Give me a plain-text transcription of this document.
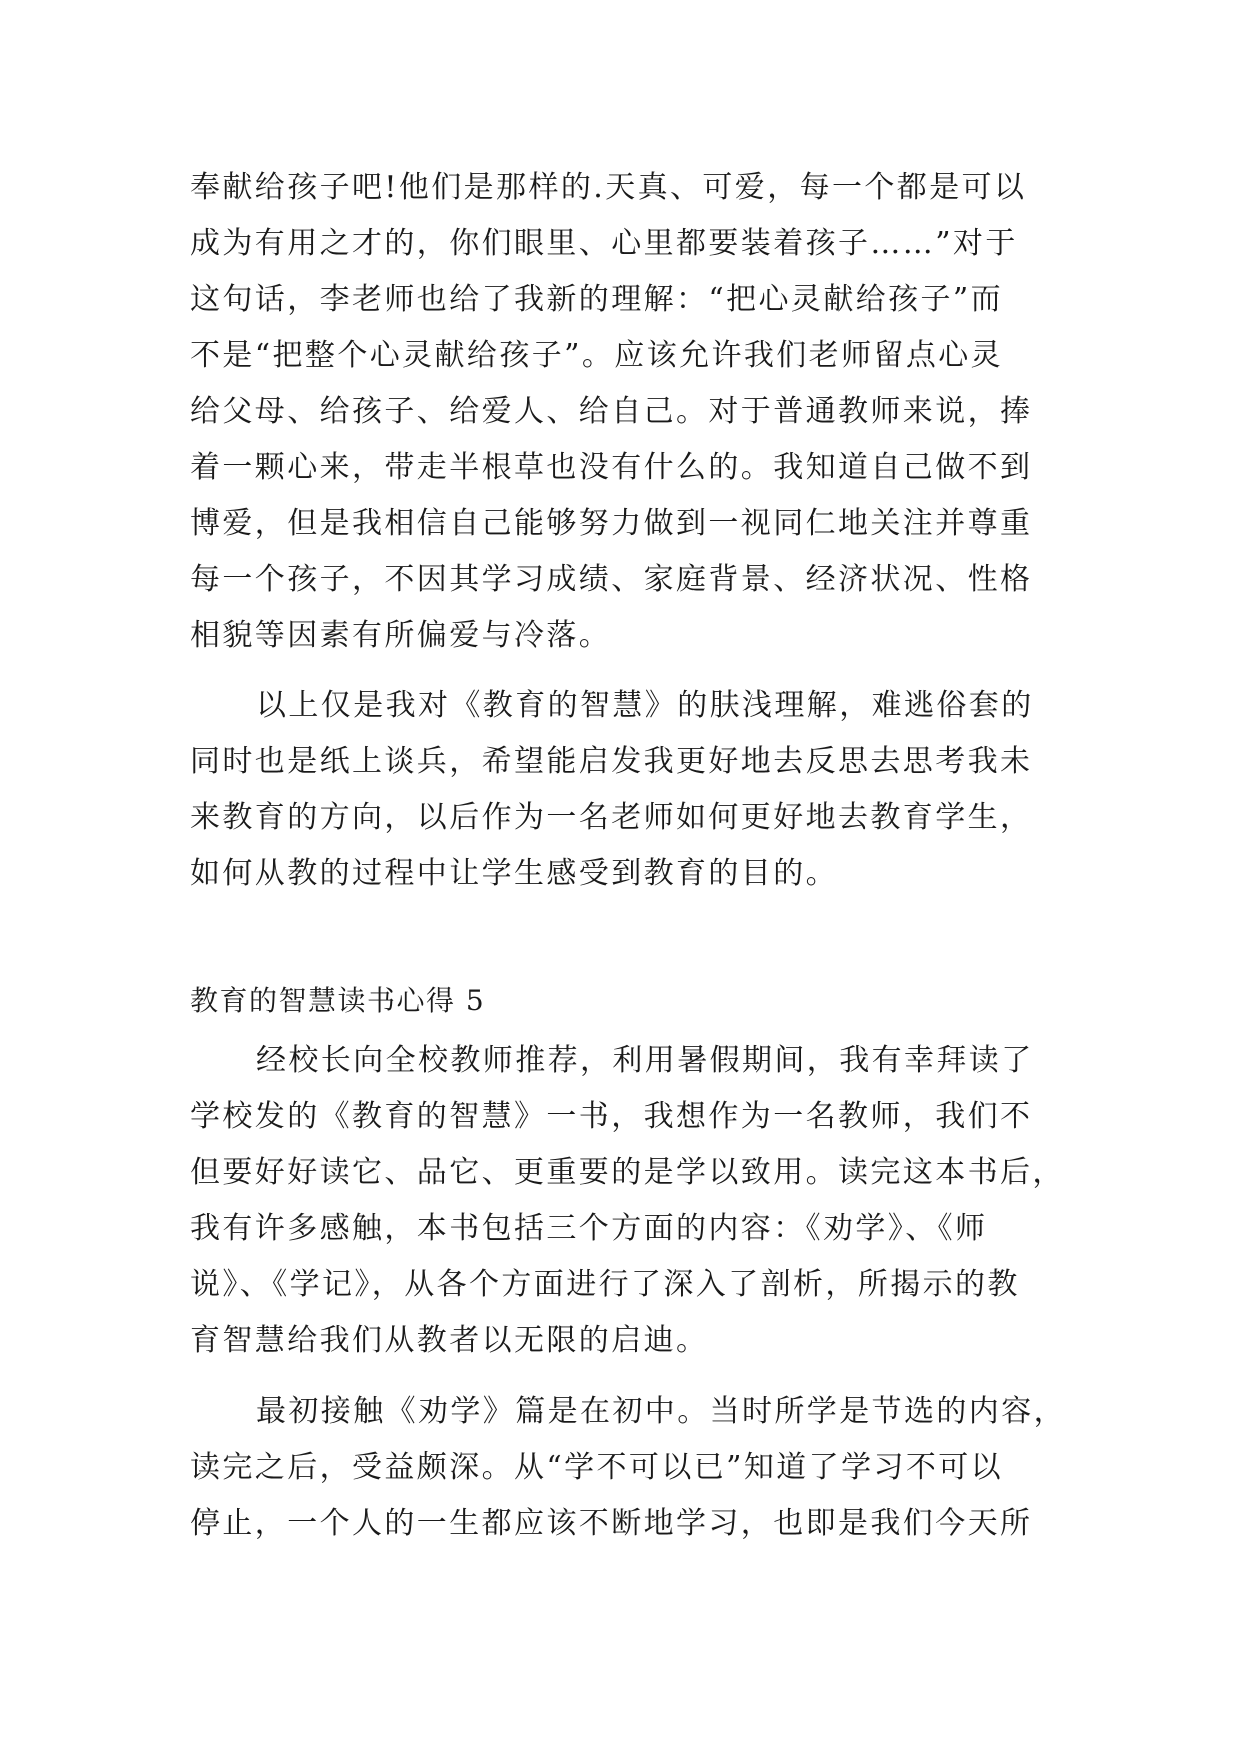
奉献给孩子吧!他们是那样的.天真、可爱，每一个都是可以
成为有用之才的，你们眼里、心里都要装着孩子……”对于
这句话，李老师也给了我新的理解：“把心灵献给孩子”而
不是“把整个心灵献给孩子”。应该允许我们老师留点心灵
给父母、给孩子、给爱人、给自己。对于普通教师来说，捧
着一颗心来，带走半根草也没有什么的。我知道自己做不到
博爱，但是我相信自己能够努力做到一视同仁地关注并尊重
每一个孩子，不因其学习成绩、家庭背景、经济状况、性格
相貌等因素有所偏爱与冷落。
以上仅是我对《教育的智慧》的肤浅理解，难逃俗套的
同时也是纸上谈兵，希望能启发我更好地去反思去思考我未
来教育的方向，以后作为一名老师如何更好地去教育学生，
如何从教的过程中让学生感受到教育的目的。
教育的智慧读书心得 5
经校长向全校教师推荐，利用暑假期间，我有幸拜读了
学校发的《教育的智慧》一书，我想作为一名教师，我们不
但要好好读它、品它、更重要的是学以致用。读完这本书后，
我有许多感触，本书包括三个方面的内容：《劝学》、《师
说》、《学记》，从各个方面进行了深入了剖析，所揭示的教
育智慧给我们从教者以无限的启迪。
最初接触《劝学》篇是在初中。当时所学是节选的内容，
读完之后，受益颇深。从“学不可以已”知道了学习不可以
停止，一个人的一生都应该不断地学习，也即是我们今天所
